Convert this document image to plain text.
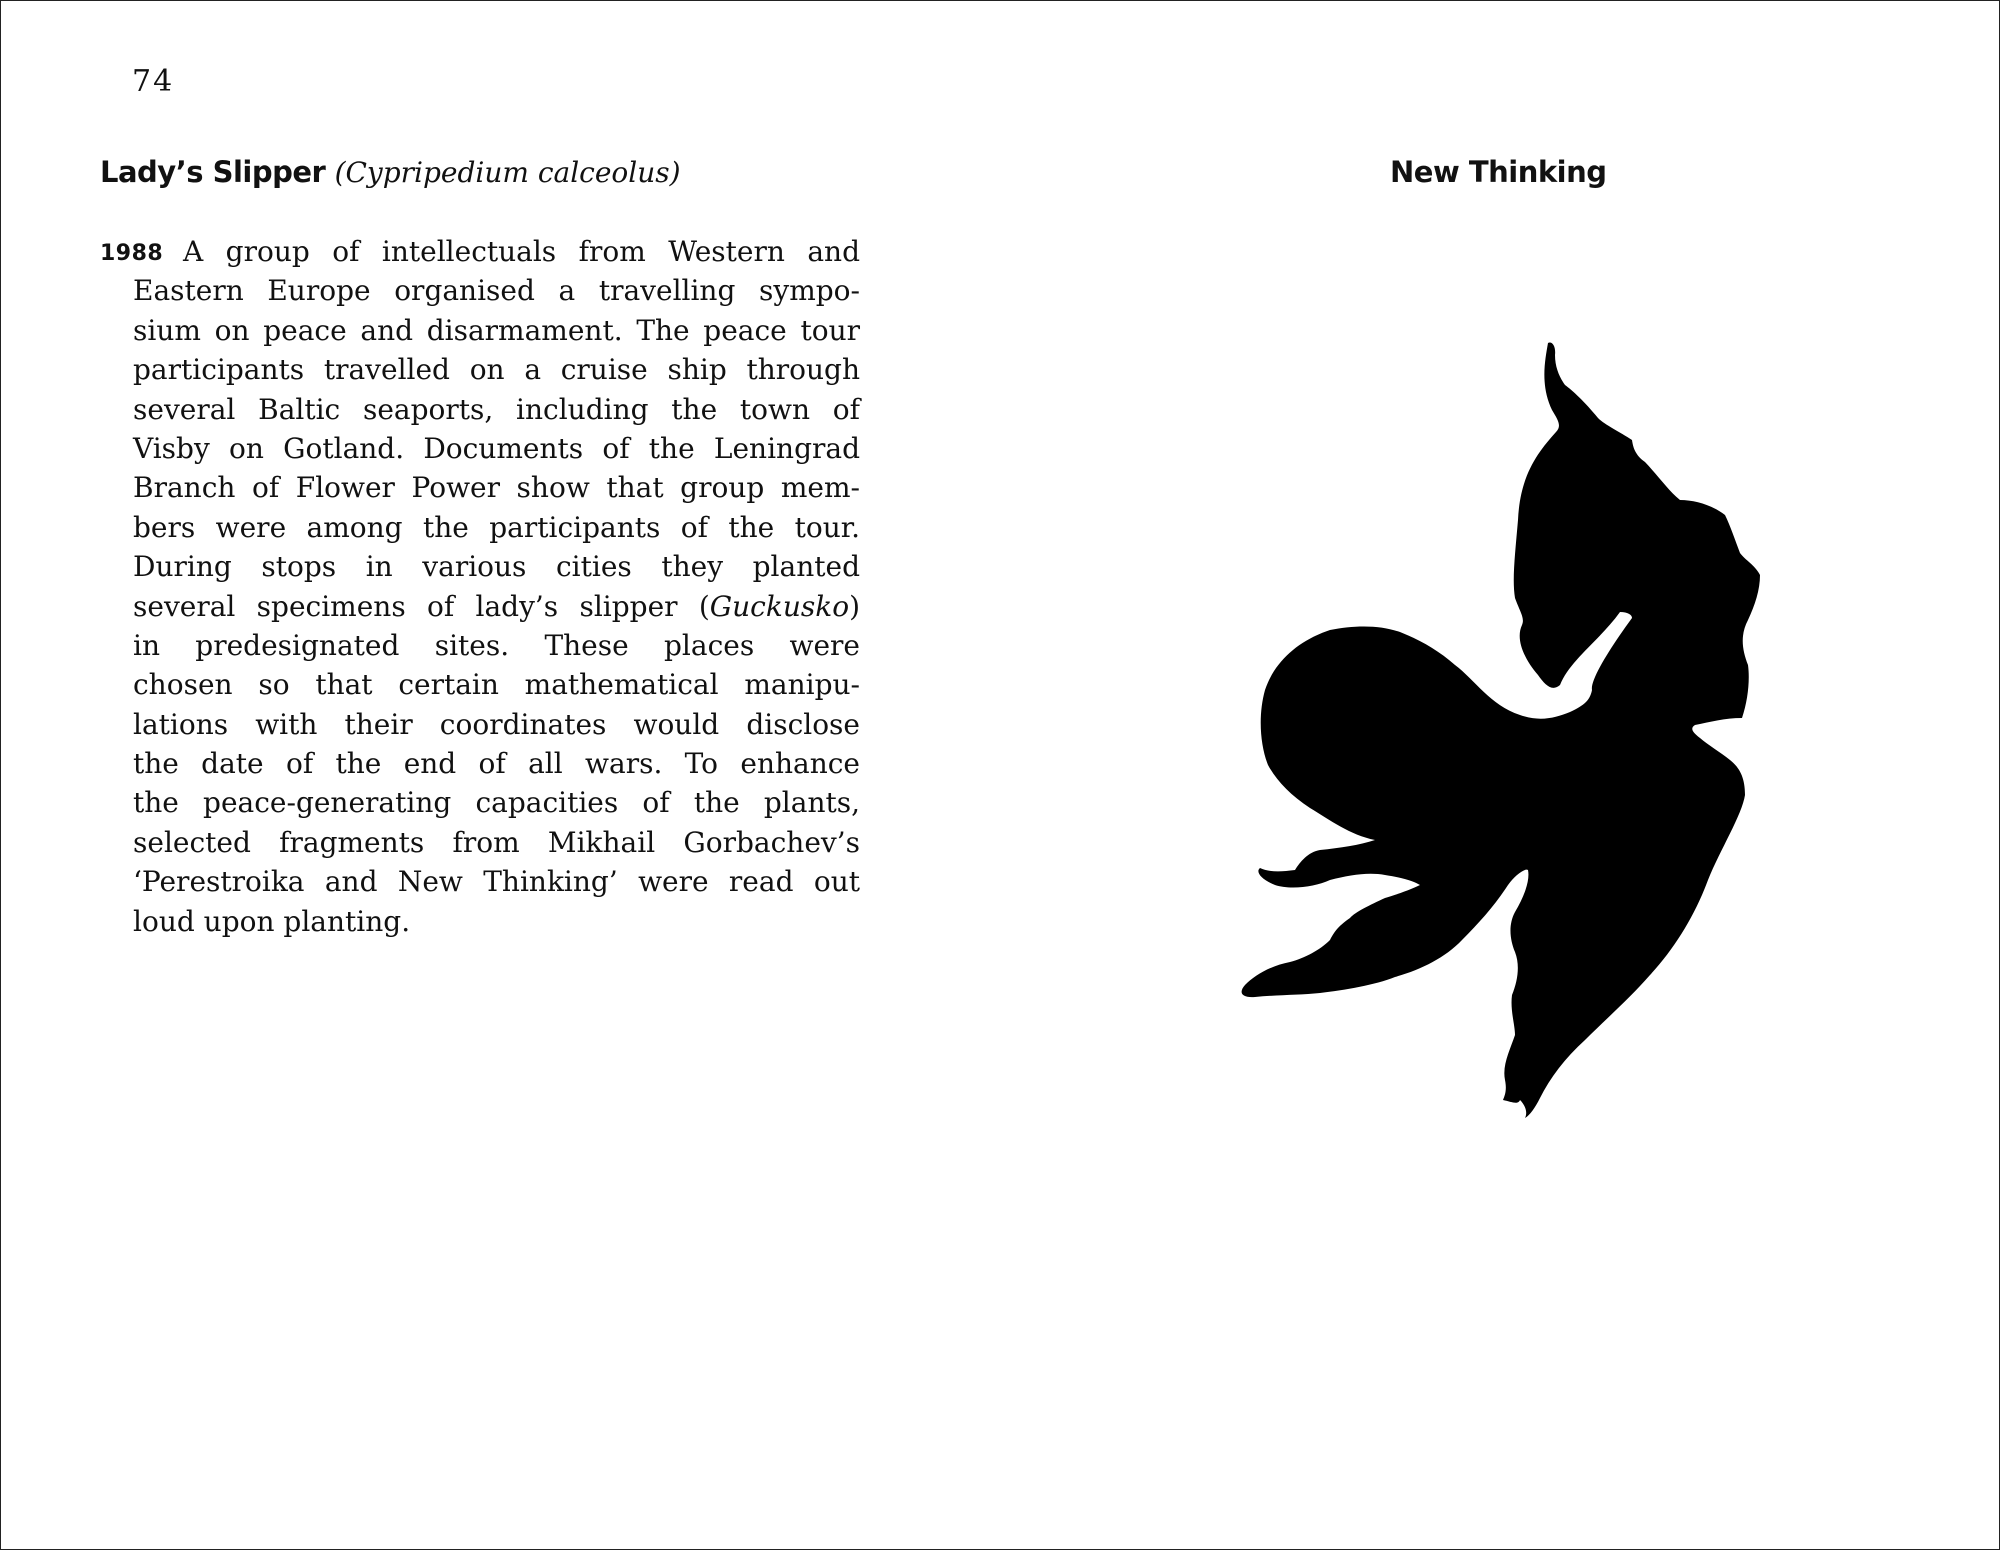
74
Lady’s Slipper (Cypripedium calceolus)	New Thinking
1988 A group of intellectuals from Western and
Eastern Europe organised a travelling sympo-
sium on peace and disarmament. The peace tour
participants travelled on a cruise ship through
several Baltic seaports, including the town of
Visby on Gotland. Documents of the Leningrad
Branch of Flower Power show that group mem-
bers were among the participants of the tour.
During stops in various cities they planted
several specimens of lady’s slipper (Guckusko)
in predesignated sites. These places were
chosen so that certain mathematical manipu-
lations with their coordinates would disclose
the date of the end of all wars. To enhance
the peace-generating capacities of the plants,
selected fragments from Mikhail Gorbachev’s
‘Perestroika and New Thinking’ were read out
loud upon planting.
